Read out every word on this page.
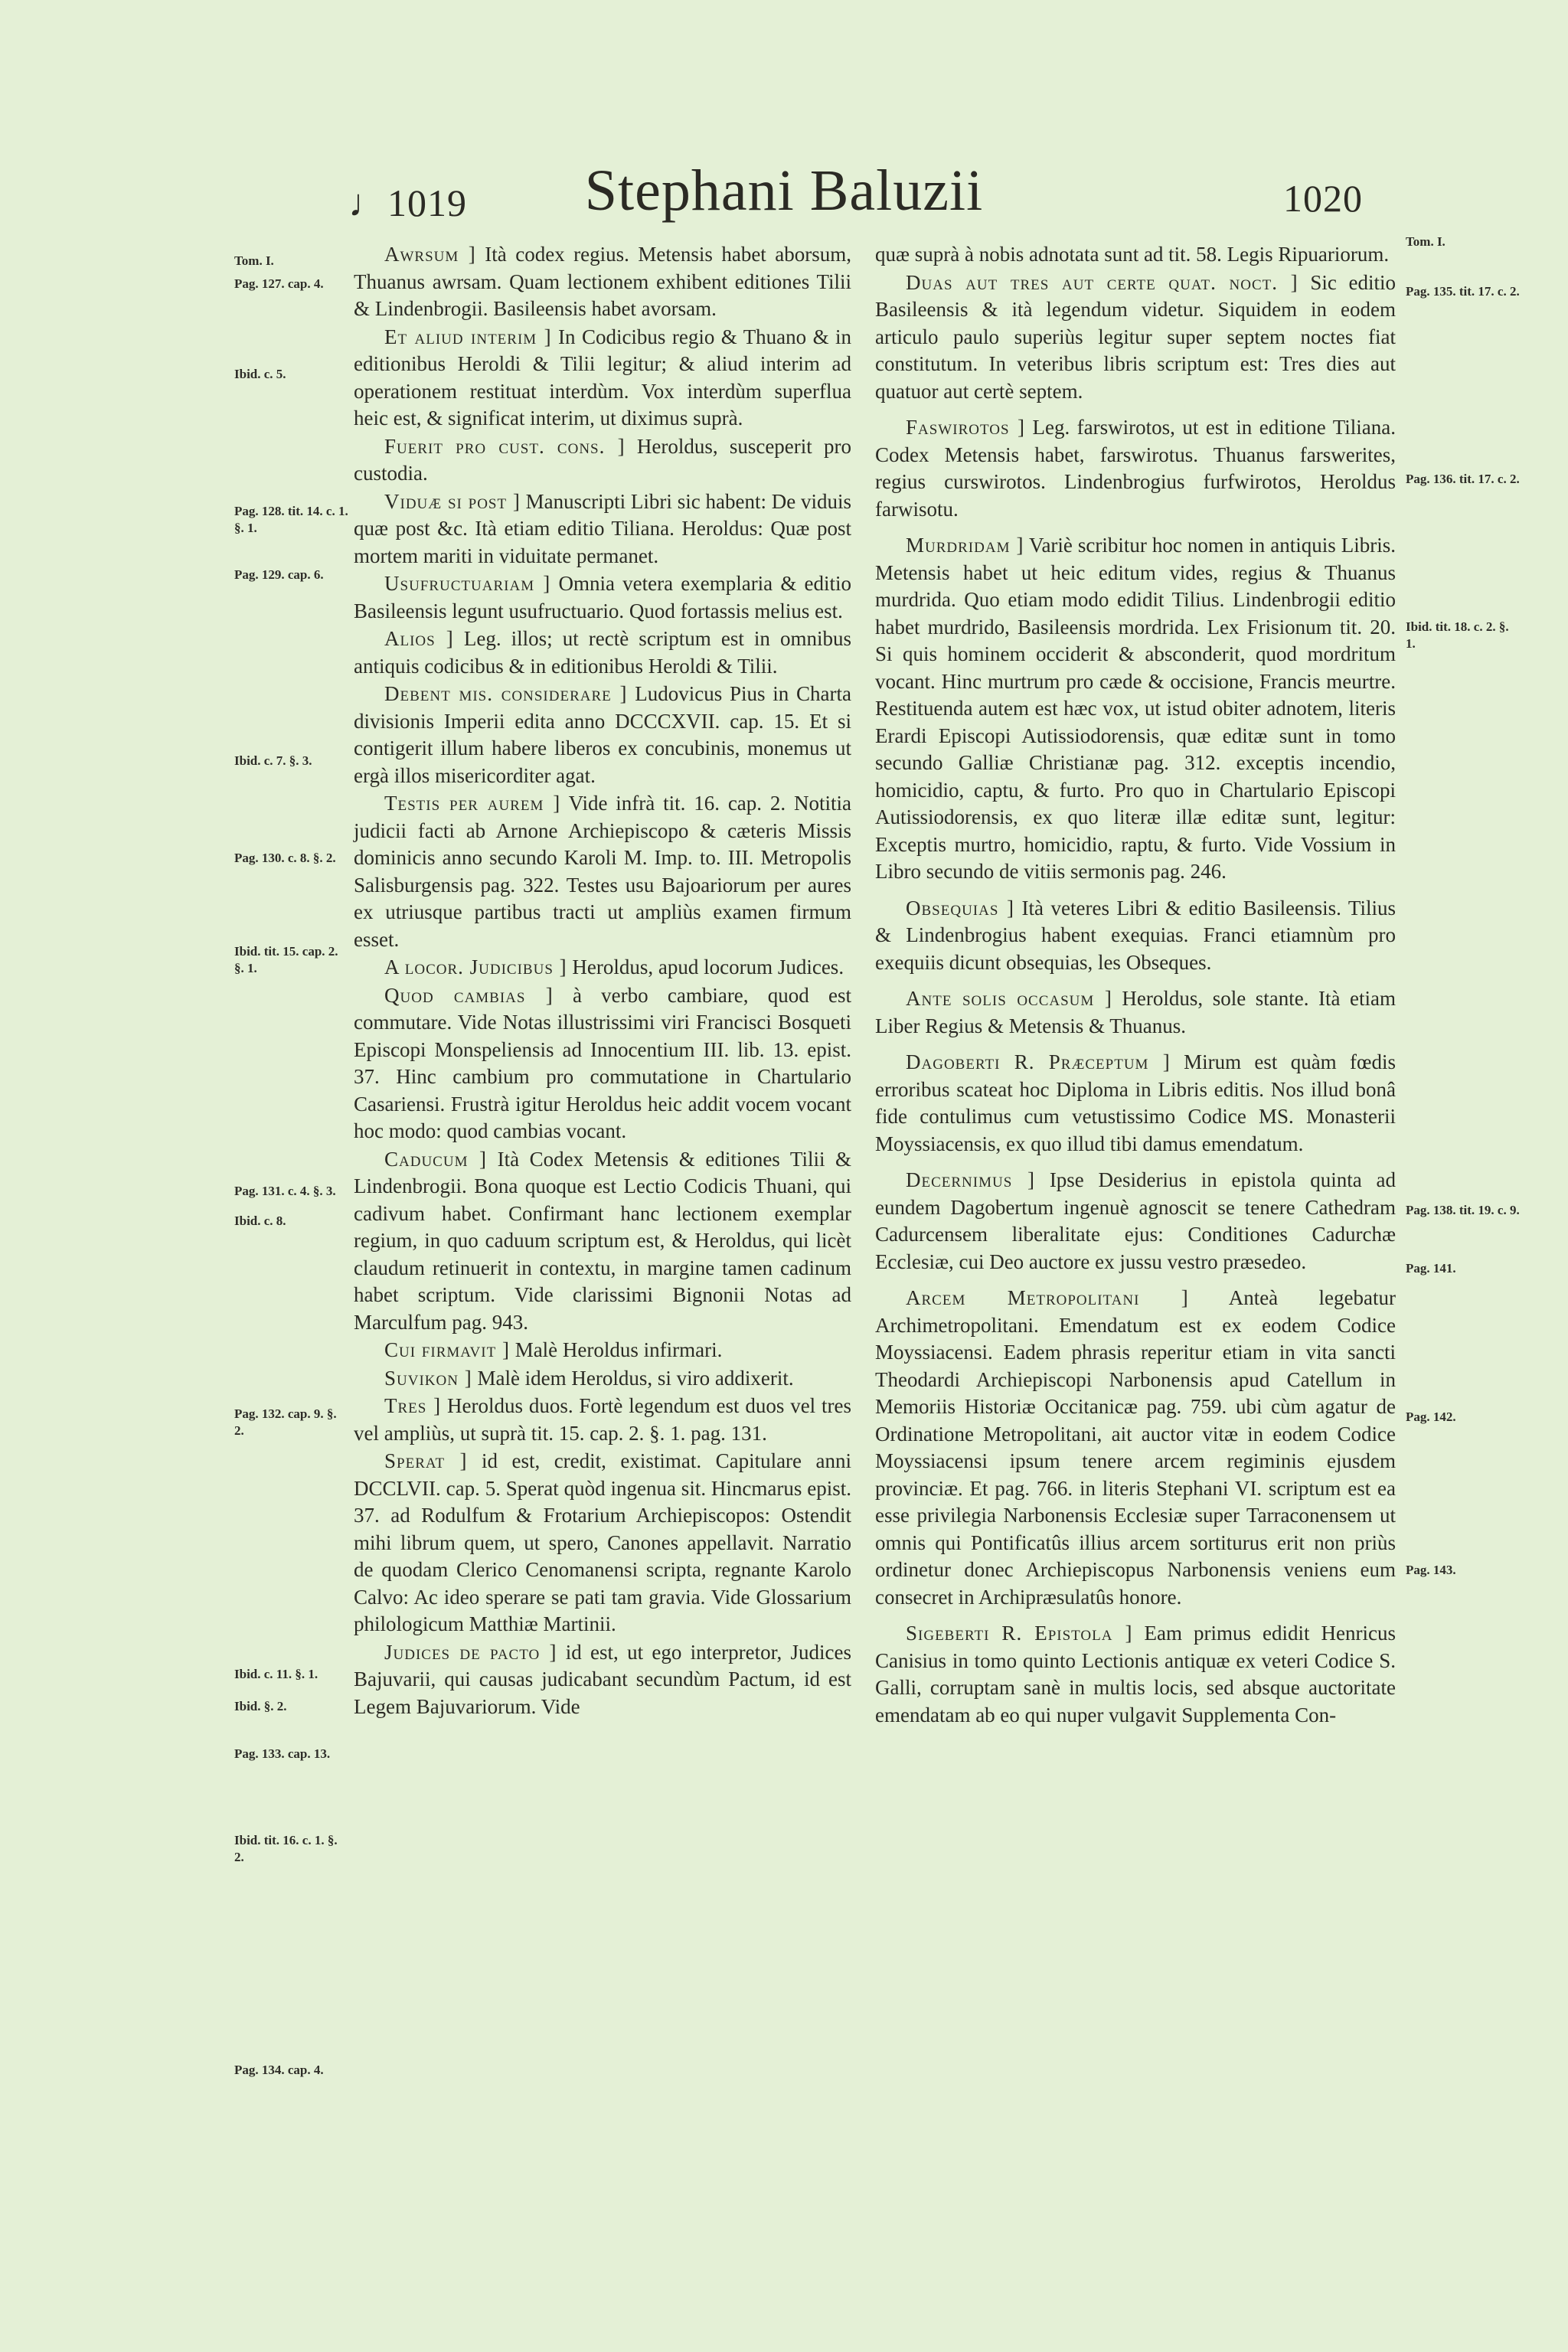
♩1019	Stephani Baluzii	1020
Tom. I.
Pag. 127. cap. 4.
Ibid. c. 5.
Pag. 128. tit. 14. c. 1. §. 1.
Pag. 129. cap. 6.
Ibid. c. 7. §. 3.
Pag. 130. c. 8. §. 2.
Ibid. tit. 15. cap. 2. §. 1.
Pag. 131. c. 4. §. 3.
Ibid. c. 8.
Pag. 132. cap. 9. §. 2.
Ibid. c. 11. §. 1.
Ibid. §. 2.
Pag. 133. cap. 13.
Ibid. tit. 16. c. 1. §. 2.
Pag. 134. cap. 4.
Tom. I.
Pag. 135. tit. 17. c. 2.
Pag. 136. tit. 17. c. 2.
Ibid. tit. 18. c. 2. §. 1.
Pag. 138. tit. 19. c. 9.
Pag. 141.
Pag. 142.
Pag. 143.

Awrsum ] Ità codex regius. Metensis habet aborsum, Thuanus awrsam. Quam lectionem exhibent editiones Tilii & Lindenbrogii. Basileensis habet avorsam.

Et aliud interim ] In Codicibus regio & Thuano & in editionibus Heroldi & Tilii legitur; & aliud interim ad operationem restituat interdùm. Vox interdùm superflua heic est, & significat interim, ut diximus suprà.

Fuerit pro cust. cons. ] Heroldus, susceperit pro custodia.

Viduæ si post ] Manuscripti Libri sic habent: De viduis quæ post &c. Ità etiam editio Tiliana. Heroldus: Quæ post mortem mariti in viduitate permanet.

Usufructuariam ] Omnia vetera exemplaria & editio Basileensis legunt usufructuario. Quod fortassis melius est.

Alios ] Leg. illos; ut rectè scriptum est in omnibus antiquis codicibus & in editionibus Heroldi & Tilii.

Debent mis. considerare ] Ludovicus Pius in Charta divisionis Imperii edita anno DCCCXVII. cap. 15. Et si contigerit illum habere liberos ex concubinis, monemus ut ergà illos misericorditer agat.

Testis per aurem ] Vide infrà tit. 16. cap. 2. Notitia judicii facti ab Arnone Archiepiscopo & cæteris Missis dominicis anno secundo Karoli M. Imp. to. III. Metropolis Salisburgensis pag. 322. Testes usu Bajoariorum per aures ex utriusque partibus tracti ut ampliùs examen firmum esset.

A locor. Judicibus ] Heroldus, apud locorum Judices.

Quod cambias ] à verbo cambiare, quod est commutare. Vide Notas illustrissimi viri Francisci Bosqueti Episcopi Monspeliensis ad Innocentium III. lib. 13. epist. 37. Hinc cambium pro commutatione in Chartulario Casariensi. Frustrà igitur Heroldus heic addit vocem vocant hoc modo: quod cambias vocant.

Caducum ] Ità Codex Metensis & editiones Tilii & Lindenbrogii. Bona quoque est Lectio Codicis Thuani, qui cadivum habet. Confirmant hanc lectionem exemplar regium, in quo caduum scriptum est, & Heroldus, qui licèt claudum retinuerit in contextu, in margine tamen cadinum habet scriptum. Vide clarissimi Bignonii Notas ad Marculfum pag. 943.

Cui firmavit ] Malè Heroldus infirmari.

Suvikon ] Malè idem Heroldus, si viro addixerit.

Tres ] Heroldus duos. Fortè legendum est duos vel tres vel ampliùs, ut suprà tit. 15. cap. 2. §. 1. pag. 131.

Sperat ] id est, credit, existimat. Capitulare anni DCCLVII. cap. 5. Sperat quòd ingenua sit. Hincmarus epist. 37. ad Rodulfum & Frotarium Archiepiscopos: Ostendit mihi librum quem, ut spero, Canones appellavit. Narratio de quodam Clerico Cenomanensi scripta, regnante Karolo Calvo: Ac ideo sperare se pati tam gravia. Vide Glossarium philologicum Matthiæ Martinii.

Judices de pacto ] id est, ut ego interpretor, Judices Bajuvarii, qui causas judicabant secundùm Pactum, id est Legem Bajuvariorum. Vide

quæ suprà à nobis adnotata sunt ad tit. 58. Legis Ripuariorum.

Duas aut tres aut certe quat. noct. ] Sic editio Basileensis & ità legendum videtur. Siquidem in eodem articulo paulo superiùs legitur super septem noctes fiat constitutum. In veteribus libris scriptum est: Tres dies aut quatuor aut certè septem.

Faswirotos ] Leg. farswirotos, ut est in editione Tiliana. Codex Metensis habet, farswirotus. Thuanus farswerites, regius curswirotos. Lindenbrogius furfwirotos, Heroldus farwisotu.

Murdridam ] Variè scribitur hoc nomen in antiquis Libris. Metensis habet ut heic editum vides, regius & Thuanus murdrida. Quo etiam modo edidit Tilius. Lindenbrogii editio habet murdrido, Basileensis mordrida. Lex Frisionum tit. 20. Si quis hominem occiderit & absconderit, quod mordritum vocant. Hinc murtrum pro cæde & occisione, Francis meurtre. Restituenda autem est hæc vox, ut istud obiter adnotem, literis Erardi Episcopi Autissiodorensis, quæ editæ sunt in tomo secundo Galliæ Christianæ pag. 312. exceptis incendio, homicidio, captu, & furto. Pro quo in Chartulario Episcopi Autissiodorensis, ex quo literæ illæ editæ sunt, legitur: Exceptis murtro, homicidio, raptu, & furto. Vide Vossium in Libro secundo de vitiis sermonis pag. 246.

Obsequias ] Ità veteres Libri & editio Basileensis. Tilius & Lindenbrogius habent exequias. Franci etiamnùm pro exequiis dicunt obsequias, les Obseques.

Ante solis occasum ] Heroldus, sole stante. Ità etiam Liber Regius & Metensis & Thuanus.

Dagoberti R. Præceptum ] Mirum est quàm fœdis erroribus scateat hoc Diploma in Libris editis. Nos illud bonâ fide contulimus cum vetustissimo Codice MS. Monasterii Moyssiacensis, ex quo illud tibi damus emendatum.

Decernimus ] Ipse Desiderius in epistola quinta ad eundem Dagobertum ingenuè agnoscit se tenere Cathedram Cadurcensem liberalitate ejus: Conditiones Cadurchæ Ecclesiæ, cui Deo auctore ex jussu vestro præsedeo.

Arcem Metropolitani ] Anteà legebatur Archimetropolitani. Emendatum est ex eodem Codice Moyssiacensi. Eadem phrasis reperitur etiam in vita sancti Theodardi Archiepiscopi Narbonensis apud Catellum in Memoriis Historiæ Occitanicæ pag. 759. ubi cùm agatur de Ordinatione Metropolitani, ait auctor vitæ in eodem Codice Moyssiacensi ipsum tenere arcem regiminis ejusdem provinciæ. Et pag. 766. in literis Stephani VI. scriptum est ea esse privilegia Narbonensis Ecclesiæ super Tarraconensem ut omnis qui Pontificatûs illius arcem sortiturus erit non priùs ordinetur donec Archiepiscopus Narbonensis veniens eum consecret in Archipræsulatûs honore.

Sigeberti R. Epistola ] Eam primus edidit Henricus Canisius in tomo quinto Lectionis antiquæ ex veteri Codice S. Galli, corruptam sanè in multis locis, sed absque auctoritate emendatam ab eo qui nuper vulgavit Supplementa Con-
